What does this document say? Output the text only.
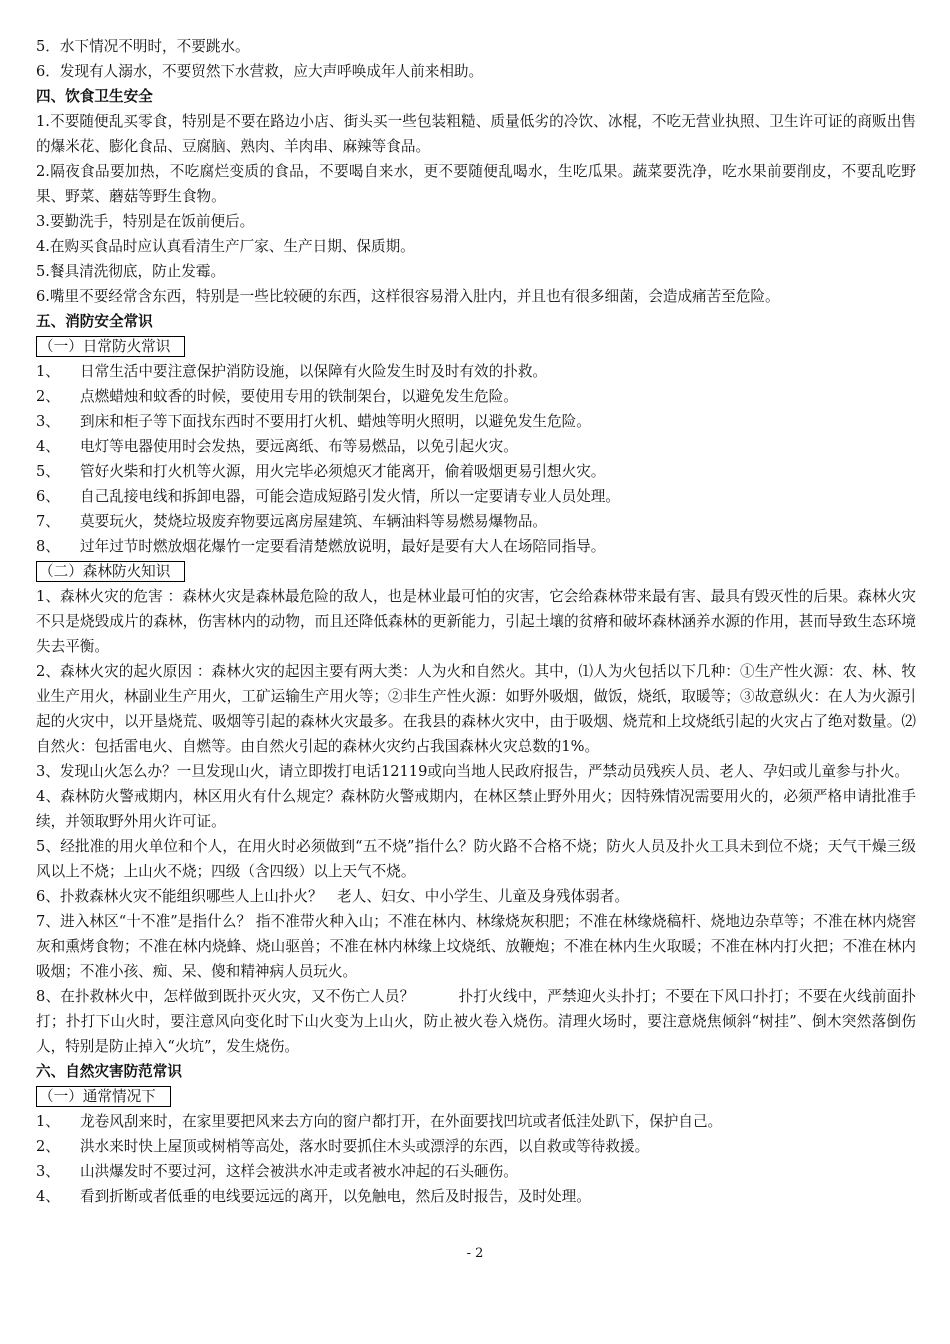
5．水下情况不明时，不要跳水。

6．发现有人溺水，不要贸然下水营救，应大声呼唤成年人前来相助。

四、饮食卫生安全

1.不要随便乱买零食，特别是不要在路边小店、街头买一些包装粗糙、质量低劣的冷饮、冰棍，不吃无营业执照、卫生许可证的商贩出售的爆米花、膨化食品、豆腐脑、熟肉、羊肉串、麻辣等食品。

2.隔夜食品要加热，不吃腐烂变质的食品，不要喝自来水，更不要随便乱喝水，生吃瓜果。蔬菜要洗净，吃水果前要削皮，不要乱吃野果、野菜、蘑菇等野生食物。

3.要勤洗手，特别是在饭前便后。

4.在购买食品时应认真看清生产厂家、生产日期、保质期。

5.餐具清洗彻底，防止发霉。

6.嘴里不要经常含东西，特别是一些比较硬的东西，这样很容易滑入肚内，并且也有很多细菌，会造成痛苦至危险。

五、消防安全常识

（一）日常防火常识

1、 日常生活中要注意保护消防设施，以保障有火险发生时及时有效的扑救。

2、 点燃蜡烛和蚊香的时候，要使用专用的铁制架台，以避免发生危险。

3、 到床和柜子等下面找东西时不要用打火机、蜡烛等明火照明，以避免发生危险。

4、 电灯等电器使用时会发热，要远离纸、布等易燃品，以免引起火灾。

5、 管好火柴和打火机等火源，用火完毕必须熄灭才能离开，偷着吸烟更易引想火灾。

6、 自己乱接电线和拆卸电器，可能会造成短路引发火情，所以一定要请专业人员处理。

7、 莫要玩火，焚烧垃圾废弃物要远离房屋建筑、车辆油料等易燃易爆物品。

8、 过年过节时燃放烟花爆竹一定要看清楚燃放说明，最好是要有大人在场陪同指导。

（二）森林防火知识

1、森林火灾的危害 ：森林火灾是森林最危险的敌人，也是林业最可怕的灾害，它会给森林带来最有害、最具有毁灭性的后果。森林火灾不只是烧毁成片的森林，伤害林内的动物，而且还降低森林的更新能力，引起土壤的贫瘠和破坏森林涵养水源的作用，甚而导致生态环境失去平衡。

2、森林火灾的起火原因 ：森林火灾的起因主要有两大类：人为火和自然火。其中，⑴人为火包括以下几种：①生产性火源：农、林、牧业生产用火，林副业生产用火，工矿运输生产用火等；②非生产性火源：如野外吸烟，做饭，烧纸，取暖等；③故意纵火：在人为火源引起的火灾中，以开垦烧荒、吸烟等引起的森林火灾最多。在我县的森林火灾中，由于吸烟、烧荒和上坟烧纸引起的火灾占了绝对数量。⑵自然火：包括雷电火、自燃等。由自然火引起的森林火灾约占我国森林火灾总数的1%。

3、发现山火怎么办？一旦发现山火，请立即拨打电话12119或向当地人民政府报告，严禁动员残疾人员、老人、孕妇或儿童参与扑火。

4、森林防火警戒期内，林区用火有什么规定？森林防火警戒期内，在林区禁止野外用火；因特殊情况需要用火的，必须严格申请批准手续，并领取野外用火许可证。

5、经批准的用火单位和个人，在用火时必须做到“五不烧”指什么？防火路不合格不烧；防火人员及扑火工具未到位不烧；天气干燥三级风以上不烧；上山火不烧；四级（含四级）以上天气不烧。

6、扑救森林火灾不能组织哪些人上山扑火？　老人、妇女、中小学生、儿童及身残体弱者。

7、进入林区“十不准”是指什么？ 指不准带火种入山；不准在林内、林缘烧灰积肥；不准在林缘烧稿杆、烧地边杂草等；不准在林内烧窖灰和熏烤食物；不准在林内烧蜂、烧山驱兽；不准在林内林缘上坟烧纸、放鞭炮；不准在林内生火取暖；不准在林内打火把；不准在林内吸烟；不准小孩、痴、呆、傻和精神病人员玩火。

8、在扑救林火中，怎样做到既扑灭火灾，又不伤亡人员？　　　扑打火线中，严禁迎火头扑打；不要在下风口扑打；不要在火线前面扑打；扑打下山火时，要注意风向变化时下山火变为上山火，防止被火卷入烧伤。清理火场时，要注意烧焦倾斜“树挂”、倒木突然落倒伤人，特别是防止掉入“火坑”，发生烧伤。

六、自然灾害防范常识

（一）通常情况下

1、 龙卷风刮来时，在家里要把风来去方向的窗户都打开，在外面要找凹坑或者低洼处趴下，保护自己。

2、 洪水来时快上屋顶或树梢等高处，落水时要抓住木头或漂浮的东西，以自救或等待救援。

3、 山洪爆发时不要过河，这样会被洪水冲走或者被水冲起的石头砸伤。

4、 看到折断或者低垂的电线要远远的离开，以免触电，然后及时报告，及时处理。

- 2
